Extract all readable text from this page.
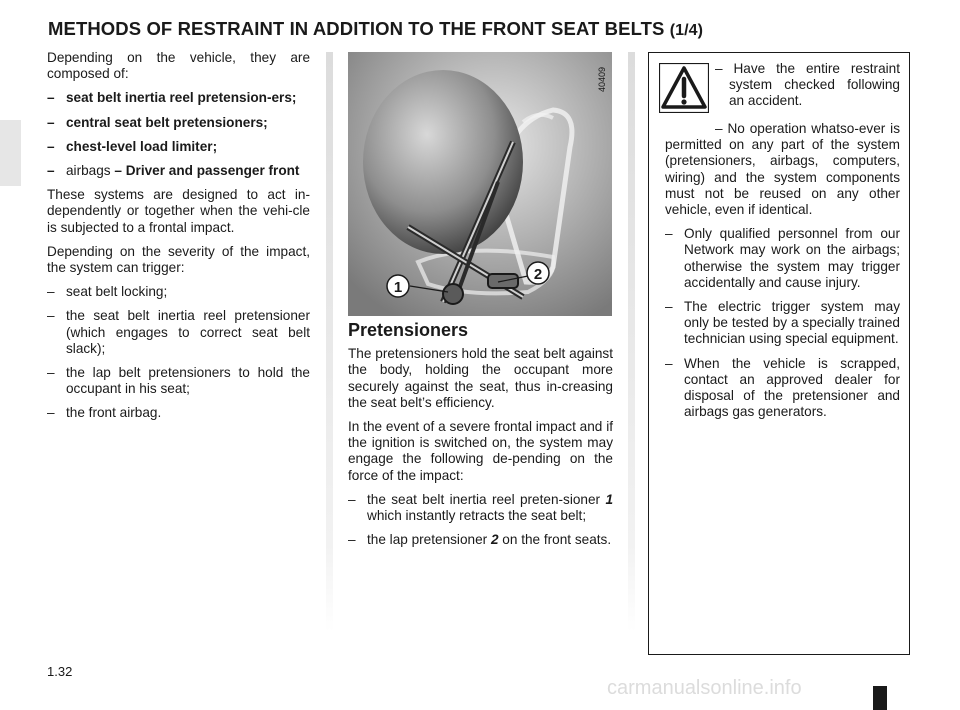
METHODS OF RESTRAINT IN ADDITION TO THE FRONT SEAT BELTS (1/4)

Depending on the vehicle, they are composed of:

– seat belt inertia reel pretension-ers;
– central seat belt pretensioners;
– chest-level load limiter;
– airbags – Driver and passenger front

These systems are designed to act in-dependently or together when the vehi-cle is subjected to a frontal impact.

Depending on the severity of the impact, the system can trigger:

– seat belt locking;
– the seat belt inertia reel pretensioner (which engages to correct seat belt slack);
– the lap belt pretensioners to hold the occupant in his seat;
– the front airbag.
1
2
40409
Pretensioners

The pretensioners hold the seat belt against the body, holding the occupant more securely against the seat, thus in-creasing the seat belt’s efficiency.

In the event of a severe frontal impact and if the ignition is switched on, the system may engage the following de-pending on the force of the impact:

– the seat belt inertia reel preten-sioner 1 which instantly retracts the seat belt;
– the lap pretensioner 2 on the front seats.

– Have the entire restraint system checked following an accident.

– No operation whatso-ever is permitted on any part of the system (pretensioners, airbags, computers, wiring) and the system components must not be reused on any other vehicle, even if identical.

– Only qualified personnel from our Network may work on the airbags; otherwise the system may trigger accidentally and cause injury.
– The electric trigger system may only be tested by a specially trained technician using special equipment.
– When the vehicle is scrapped, contact an approved dealer for disposal of the pretensioner and airbags gas generators.
1.32
carmanualsonline.info
